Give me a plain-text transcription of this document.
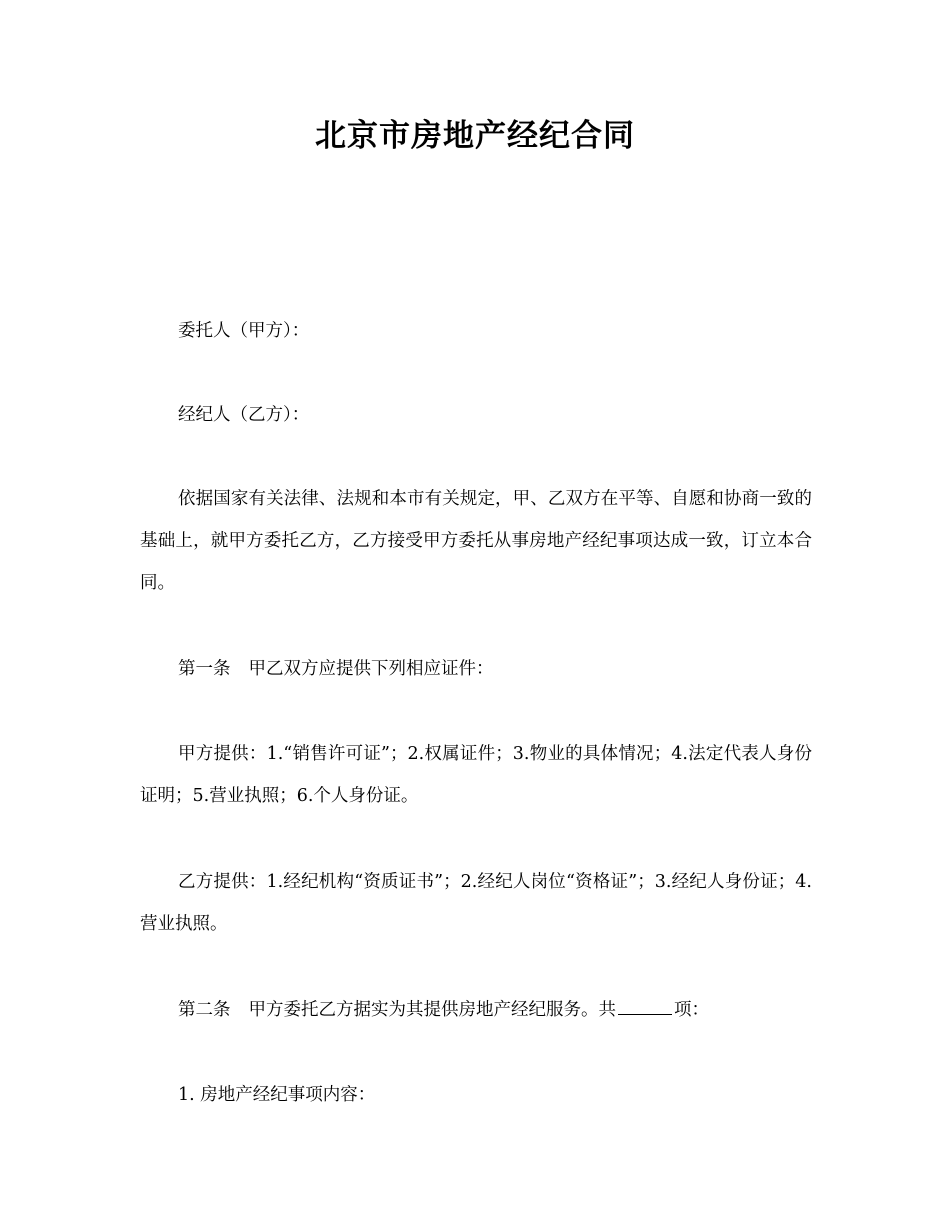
北京市房地产经纪合同
委托人（甲方）：
经纪人（乙方）：
依据国家有关法律、法规和本市有关规定，甲、乙双方在平等、自愿和协商一致的基础上，就甲方委托乙方，乙方接受甲方委托从事房地产经纪事项达成一致，订立本合同。
第一条 甲乙双方应提供下列相应证件：
甲方提供：1.“销售许可证”；2.权属证件；3.物业的具体情况；4.法定代表人身份证明；5.营业执照；6.个人身份证。
乙方提供：1.经纪机构“资质证书”；2.经纪人岗位“资格证”；3.经纪人身份证；4.营业执照。
第二条 甲方委托乙方据实为其提供房地产经纪服务。共	项：
1. 房地产经纪事项内容：
